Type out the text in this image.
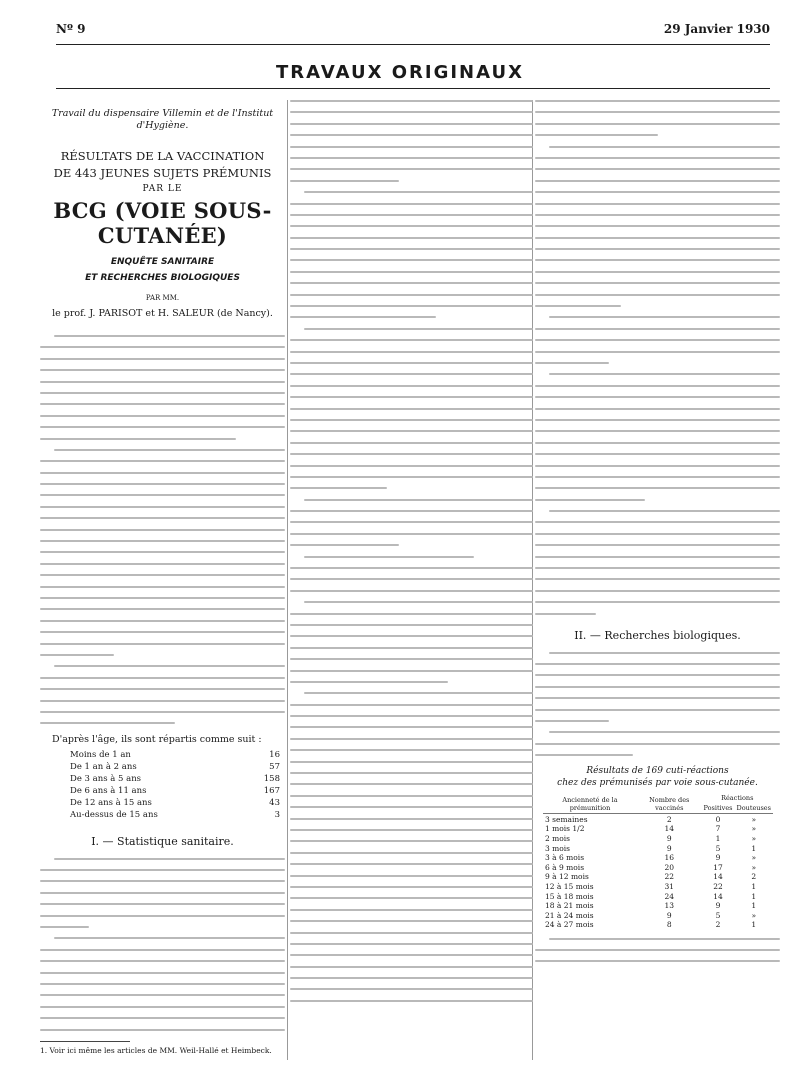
Nº 9	29 Janvier 1930
TRAVAUX ORIGINAUX
Travail du dispensaire Villemin et de l'Institut d'Hygiène.
RÉSULTATS DE LA VACCINATION
DE 443 JEUNES SUJETS PRÉMUNIS
PAR LE
BCG (VOIE SOUS-CUTANÉE)
ENQUÊTE SANITAIRE
ET RECHERCHES BIOLOGIQUES
PAR MM.
le prof. J. PARISOT et H. SALEUR (de Nancy).
D'après l'âge, ils sont répartis comme suit :
Moins de 1 an	16
De 1 an à 2 ans	57
De 3 ans à 5 ans	158
De 6 ans à 11 ans	167
De 12 ans à 15 ans	43
Au-dessus de 15 ans	3
I. — Statistique sanitaire.
1. Voir ici même les articles de MM. Weil-Hallé et Heimbeck.
II. — Recherches biologiques.
Résultats de 169 cuti-réactions
chez des prémunisés par voie sous-cutanée.
Ancienneté de la prémunition	Nombre des vaccinés	Réactions	
		Positives	Douteuses
3 semaines	2	0	»
1 mois 1/2	14	7	»
2 mois	9	1	»
3 mois	9	5	1
3 à 6 mois	16	9	»
6 à 9 mois	20	17	»
9 à 12 mois	22	14	2
12 à 15 mois	31	22	1
15 à 18 mois	24	14	1
18 à 21 mois	13	9	1
21 à 24 mois	9	5	»
24 à 27 mois	8	2	1
